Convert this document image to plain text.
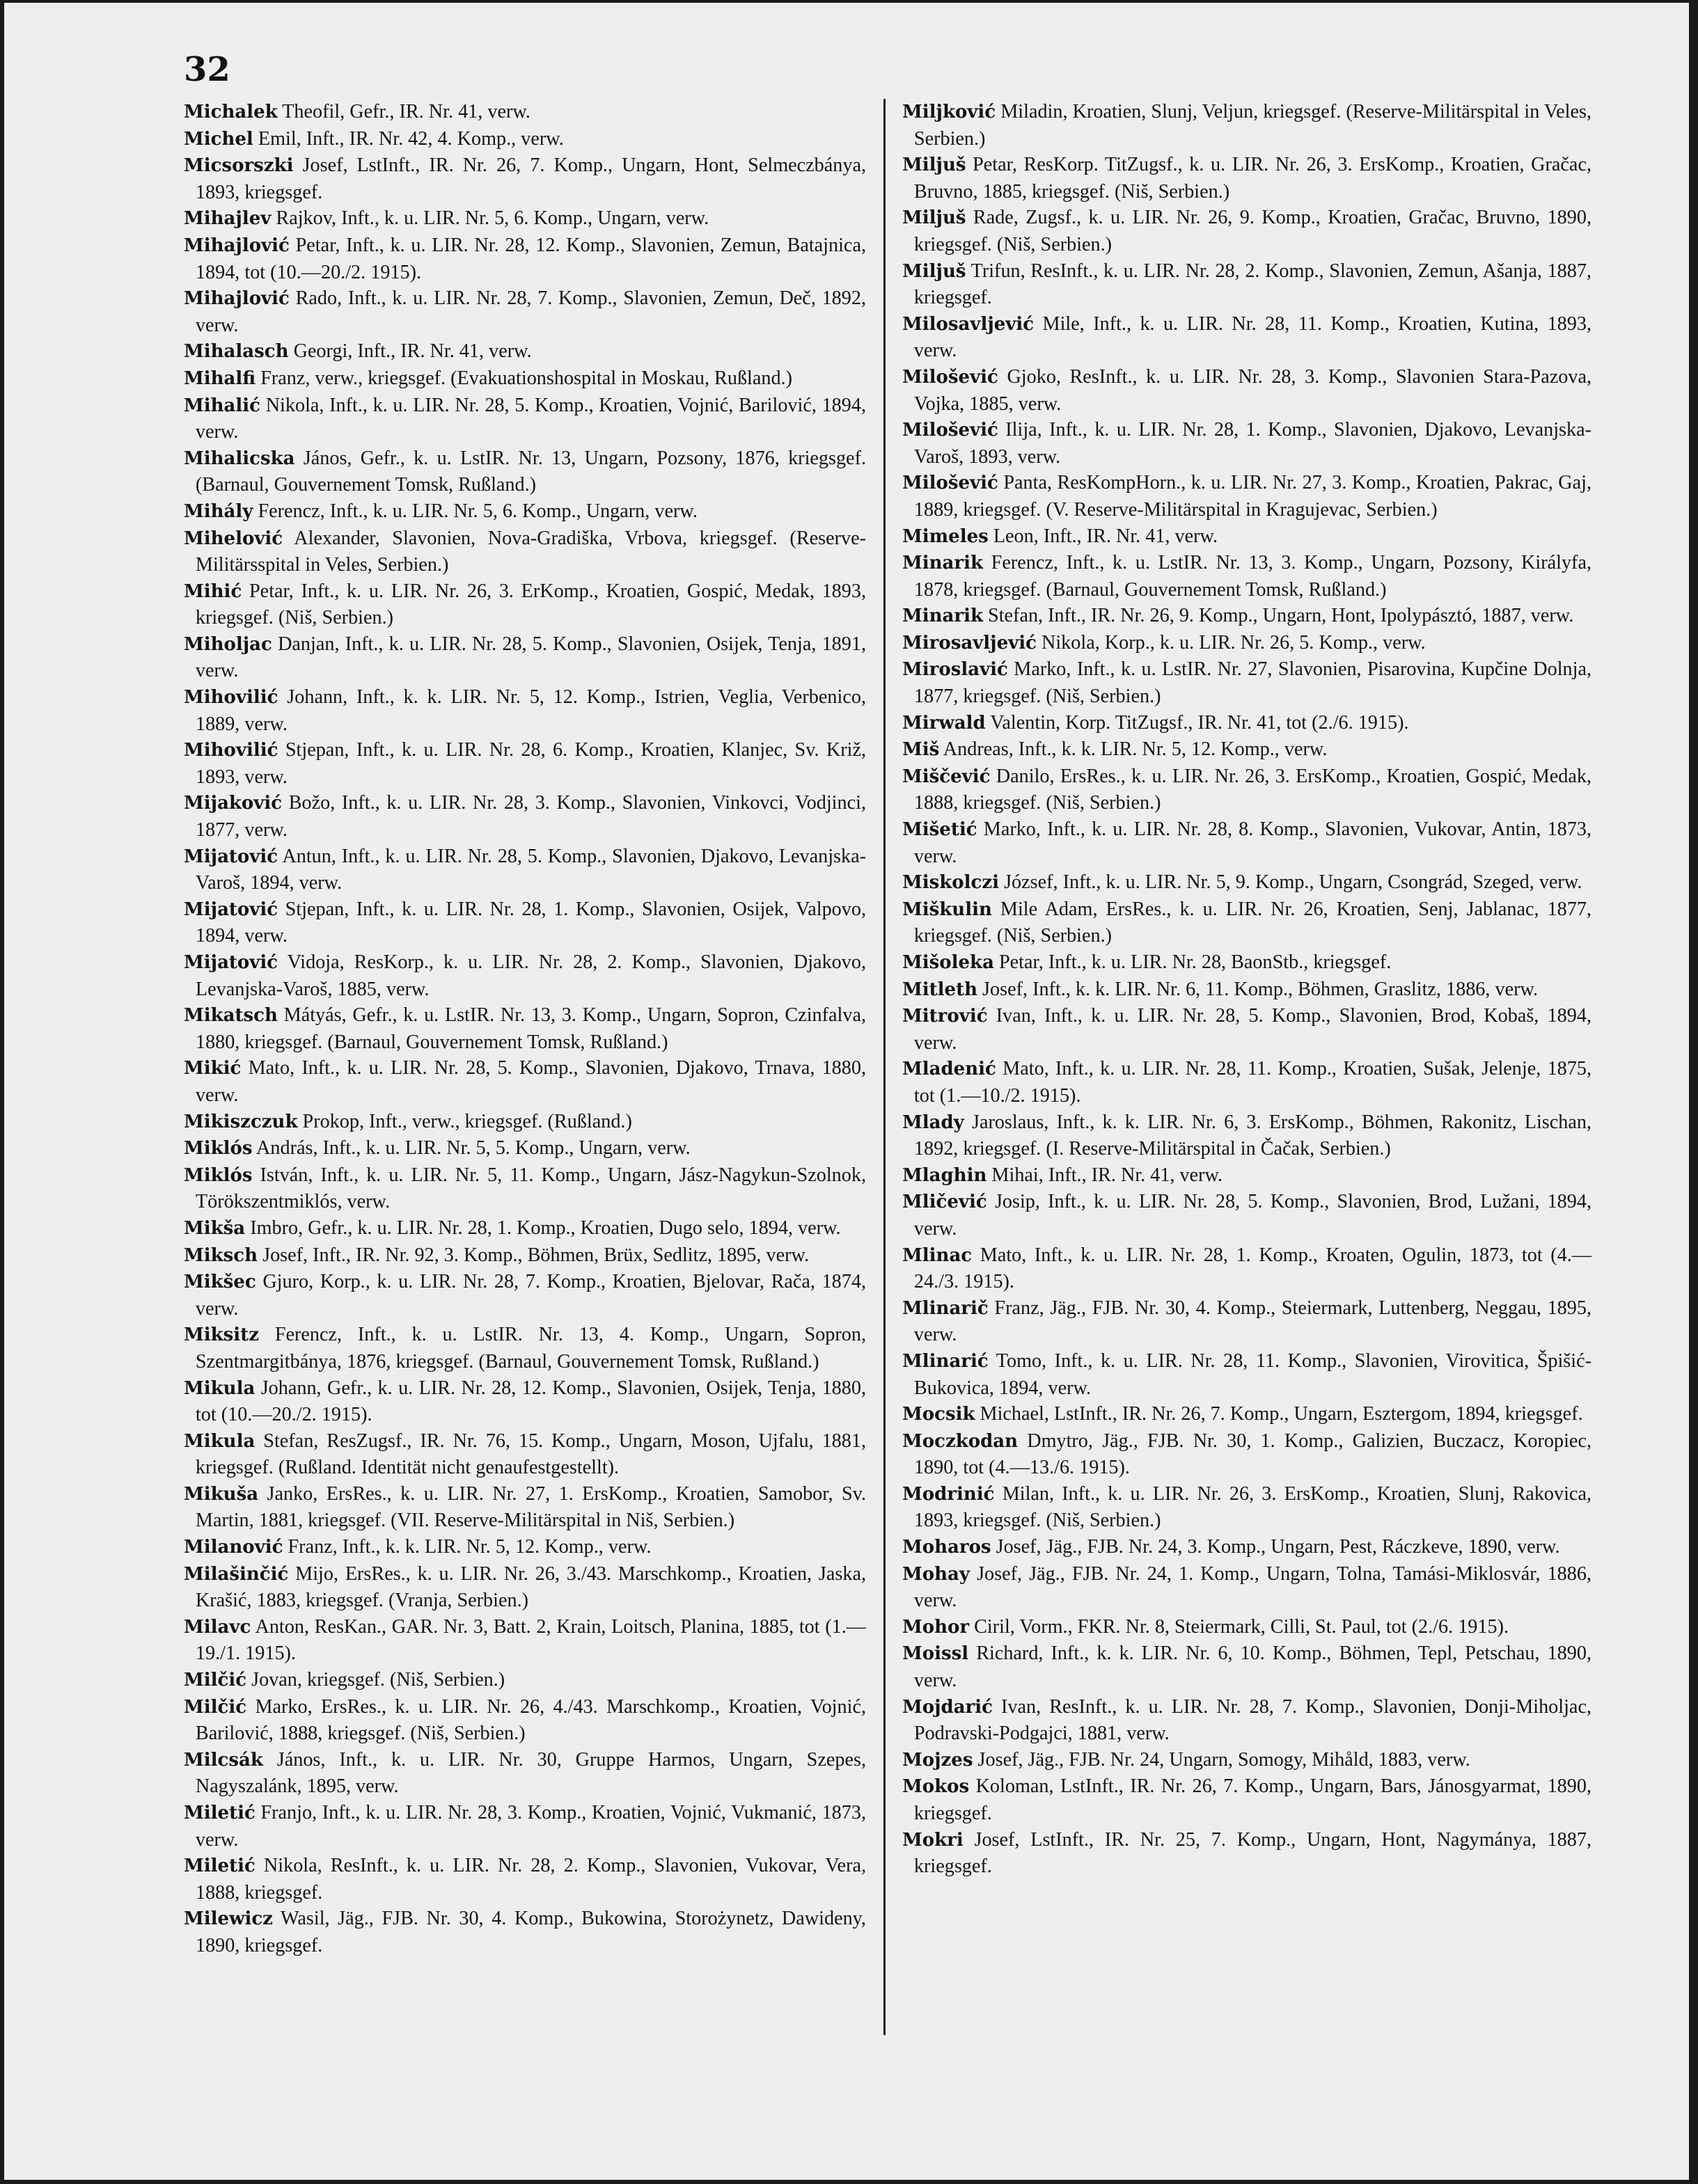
32
Michalek Theofil, Gefr., IR. Nr. 41, verw.
Michel Emil, Inft., IR. Nr. 42, 4. Komp., verw.
Micsorszki Josef, LstInft., IR. Nr. 26, 7. Komp., Ungarn, Hont, Selmeczbánya, 1893, kriegsgef.
Mihajlev Rajkov, Inft., k. u. LIR. Nr. 5, 6. Komp., Ungarn, verw.
Mihajlović Petar, Inft., k. u. LIR. Nr. 28, 12. Komp., Slavonien, Zemun, Batajnica, 1894, tot (10.—20./2. 1915).
Mihajlović Rado, Inft., k. u. LIR. Nr. 28, 7. Komp., Slavonien, Zemun, Deč, 1892, verw.
Mihalasch Georgi, Inft., IR. Nr. 41, verw.
Mihalfi Franz, verw., kriegsgef. (Evakuationshospital in Moskau, Rußland.)
Mihalić Nikola, Inft., k. u. LIR. Nr. 28, 5. Komp., Kroatien, Vojnić, Barilović, 1894, verw.
Mihalicska János, Gefr., k. u. LstIR. Nr. 13, Ungarn, Pozsony, 1876, kriegsgef. (Barnaul, Gouvernement Tomsk, Rußland.)
Mihály Ferencz, Inft., k. u. LIR. Nr. 5, 6. Komp., Ungarn, verw.
Mihelović Alexander, Slavonien, Nova-Gradiška, Vrbova, kriegsgef. (Reserve-Militärsspital in Veles, Serbien.)
Mihić Petar, Inft., k. u. LIR. Nr. 26, 3. ErKomp., Kroatien, Gospić, Medak, 1893, kriegsgef. (Niš, Serbien.)
Miholjac Danjan, Inft., k. u. LIR. Nr. 28, 5. Komp., Slavonien, Osijek, Tenja, 1891, verw.
Mihovilić Johann, Inft., k. k. LIR. Nr. 5, 12. Komp., Istrien, Veglia, Verbenico, 1889, verw.
Mihovilić Stjepan, Inft., k. u. LIR. Nr. 28, 6. Komp., Kroatien, Klanjec, Sv. Križ, 1893, verw.
Mijaković Božo, Inft., k. u. LIR. Nr. 28, 3. Komp., Slavonien, Vinkovci, Vodjinci, 1877, verw.
Mijatović Antun, Inft., k. u. LIR. Nr. 28, 5. Komp., Slavonien, Djakovo, Levanjska-Varoš, 1894, verw.
Mijatović Stjepan, Inft., k. u. LIR. Nr. 28, 1. Komp., Slavonien, Osijek, Valpovo, 1894, verw.
Mijatović Vidoja, ResKorp., k. u. LIR. Nr. 28, 2. Komp., Slavonien, Djakovo, Levanjska-Varoš, 1885, verw.
Mikatsch Mátyás, Gefr., k. u. LstIR. Nr. 13, 3. Komp., Ungarn, Sopron, Czinfalva, 1880, kriegsgef. (Barnaul, Gouvernement Tomsk, Rußland.)
Mikić Mato, Inft., k. u. LIR. Nr. 28, 5. Komp., Slavonien, Djakovo, Trnava, 1880, verw.
Mikiszczuk Prokop, Inft., verw., kriegsgef. (Rußland.)
Miklós András, Inft., k. u. LIR. Nr. 5, 5. Komp., Ungarn, verw.
Miklós István, Inft., k. u. LIR. Nr. 5, 11. Komp., Ungarn, Jász-Nagykun-Szolnok, Törökszentmiklós, verw.
Mikša Imbro, Gefr., k. u. LIR. Nr. 28, 1. Komp., Kroatien, Dugo selo, 1894, verw.
Miksch Josef, Inft., IR. Nr. 92, 3. Komp., Böhmen, Brüx, Sedlitz, 1895, verw.
Mikšec Gjuro, Korp., k. u. LIR. Nr. 28, 7. Komp., Kroatien, Bjelovar, Rača, 1874, verw.
Miksitz Ferencz, Inft., k. u. LstIR. Nr. 13, 4. Komp., Ungarn, Sopron, Szentmargitbánya, 1876, kriegsgef. (Barnaul, Gouvernement Tomsk, Rußland.)
Mikula Johann, Gefr., k. u. LIR. Nr. 28, 12. Komp., Slavonien, Osijek, Tenja, 1880, tot (10.—20./2. 1915).
Mikula Stefan, ResZugsf., IR. Nr. 76, 15. Komp., Ungarn, Moson, Ujfalu, 1881, kriegsgef. (Rußland. Identität nicht genaufestgestellt).
Mikuša Janko, ErsRes., k. u. LIR. Nr. 27, 1. ErsKomp., Kroatien, Samobor, Sv. Martin, 1881, kriegsgef. (VII. Reserve-Militärspital in Niš, Serbien.)
Milanović Franz, Inft., k. k. LIR. Nr. 5, 12. Komp., verw.
Milašinčić Mijo, ErsRes., k. u. LIR. Nr. 26, 3./43. Marschkomp., Kroatien, Jaska, Krašić, 1883, kriegsgef. (Vranja, Serbien.)
Milavc Anton, ResKan., GAR. Nr. 3, Batt. 2, Krain, Loitsch, Planina, 1885, tot (1.—19./1. 1915).
Milčić Jovan, kriegsgef. (Niš, Serbien.)
Milčić Marko, ErsRes., k. u. LIR. Nr. 26, 4./43. Marschkomp., Kroatien, Vojnić, Barilović, 1888, kriegsgef. (Niš, Serbien.)
Milcsák János, Inft., k. u. LIR. Nr. 30, Gruppe Harmos, Ungarn, Szepes, Nagyszalánk, 1895, verw.
Miletić Franjo, Inft., k. u. LIR. Nr. 28, 3. Komp., Kroatien, Vojnić, Vukmanić, 1873, verw.
Miletić Nikola, ResInft., k. u. LIR. Nr. 28, 2. Komp., Slavonien, Vukovar, Vera, 1888, kriegsgef.
Milewicz Wasil, Jäg., FJB. Nr. 30, 4. Komp., Bukowina, Storożynetz, Dawideny, 1890, kriegsgef.
Miljković Miladin, Kroatien, Slunj, Veljun, kriegsgef. (Reserve-Militärspital in Veles, Serbien.)
Miljuš Petar, ResKorp. TitZugsf., k. u. LIR. Nr. 26, 3. ErsKomp., Kroatien, Gračac, Bruvno, 1885, kriegsgef. (Niš, Serbien.)
Miljuš Rade, Zugsf., k. u. LIR. Nr. 26, 9. Komp., Kroatien, Gračac, Bruvno, 1890, kriegsgef. (Niš, Serbien.)
Miljuš Trifun, ResInft., k. u. LIR. Nr. 28, 2. Komp., Slavonien, Zemun, Ašanja, 1887, kriegsgef.
Milosavljević Mile, Inft., k. u. LIR. Nr. 28, 11. Komp., Kroatien, Kutina, 1893, verw.
Milošević Gjoko, ResInft., k. u. LIR. Nr. 28, 3. Komp., Slavonien Stara-Pazova, Vojka, 1885, verw.
Milošević Ilija, Inft., k. u. LIR. Nr. 28, 1. Komp., Slavonien, Djakovo, Levanjska-Varoš, 1893, verw.
Milošević Panta, ResKompHorn., k. u. LIR. Nr. 27, 3. Komp., Kroatien, Pakrac, Gaj, 1889, kriegsgef. (V. Reserve-Militärspital in Kragujevac, Serbien.)
Mimeles Leon, Inft., IR. Nr. 41, verw.
Minarik Ferencz, Inft., k. u. LstIR. Nr. 13, 3. Komp., Ungarn, Pozsony, Királyfa, 1878, kriegsgef. (Barnaul, Gouvernement Tomsk, Rußland.)
Minarik Stefan, Inft., IR. Nr. 26, 9. Komp., Ungarn, Hont, Ipolypásztó, 1887, verw.
Mirosavljević Nikola, Korp., k. u. LIR. Nr. 26, 5. Komp., verw.
Miroslavić Marko, Inft., k. u. LstIR. Nr. 27, Slavonien, Pisarovina, Kupčine Dolnja, 1877, kriegsgef. (Niš, Serbien.)
Mirwald Valentin, Korp. TitZugsf., IR. Nr. 41, tot (2./6. 1915).
Miš Andreas, Inft., k. k. LIR. Nr. 5, 12. Komp., verw.
Miščević Danilo, ErsRes., k. u. LIR. Nr. 26, 3. ErsKomp., Kroatien, Gospić, Medak, 1888, kriegsgef. (Niš, Serbien.)
Mišetić Marko, Inft., k. u. LIR. Nr. 28, 8. Komp., Slavonien, Vukovar, Antin, 1873, verw.
Miskolczi József, Inft., k. u. LIR. Nr. 5, 9. Komp., Ungarn, Csongrád, Szeged, verw.
Miškulin Mile Adam, ErsRes., k. u. LIR. Nr. 26, Kroatien, Senj, Jablanac, 1877, kriegsgef. (Niš, Serbien.)
Mišoleka Petar, Inft., k. u. LIR. Nr. 28, BaonStb., kriegsgef.
Mitleth Josef, Inft., k. k. LIR. Nr. 6, 11. Komp., Böhmen, Graslitz, 1886, verw.
Mitrović Ivan, Inft., k. u. LIR. Nr. 28, 5. Komp., Slavonien, Brod, Kobaš, 1894, verw.
Mladenić Mato, Inft., k. u. LIR. Nr. 28, 11. Komp., Kroatien, Sušak, Jelenje, 1875, tot (1.—10./2. 1915).
Mlady Jaroslaus, Inft., k. k. LIR. Nr. 6, 3. ErsKomp., Böhmen, Rakonitz, Lischan, 1892, kriegsgef. (I. Reserve-Militärspital in Čačak, Serbien.)
Mlaghin Mihai, Inft., IR. Nr. 41, verw.
Mličević Josip, Inft., k. u. LIR. Nr. 28, 5. Komp., Slavonien, Brod, Lužani, 1894, verw.
Mlinac Mato, Inft., k. u. LIR. Nr. 28, 1. Komp., Kroaten, Ogulin, 1873, tot (4.—24./3. 1915).
Mlinarič Franz, Jäg., FJB. Nr. 30, 4. Komp., Steiermark, Luttenberg, Neggau, 1895, verw.
Mlinarić Tomo, Inft., k. u. LIR. Nr. 28, 11. Komp., Slavonien, Virovitica, Špišić-Bukovica, 1894, verw.
Mocsik Michael, LstInft., IR. Nr. 26, 7. Komp., Ungarn, Esztergom, 1894, kriegsgef.
Moczkodan Dmytro, Jäg., FJB. Nr. 30, 1. Komp., Galizien, Buczacz, Koropiec, 1890, tot (4.—13./6. 1915).
Modrinić Milan, Inft., k. u. LIR. Nr. 26, 3. ErsKomp., Kroatien, Slunj, Rakovica, 1893, kriegsgef. (Niš, Serbien.)
Moharos Josef, Jäg., FJB. Nr. 24, 3. Komp., Ungarn, Pest, Ráczkeve, 1890, verw.
Mohay Josef, Jäg., FJB. Nr. 24, 1. Komp., Ungarn, Tolna, Tamási-Miklosvár, 1886, verw.
Mohor Ciril, Vorm., FKR. Nr. 8, Steiermark, Cilli, St. Paul, tot (2./6. 1915).
Moissl Richard, Inft., k. k. LIR. Nr. 6, 10. Komp., Böhmen, Tepl, Petschau, 1890, verw.
Mojdarić Ivan, ResInft., k. u. LIR. Nr. 28, 7. Komp., Slavonien, Donji-Miholjac, Podravski-Podgajci, 1881, verw.
Mojzes Josef, Jäg., FJB. Nr. 24, Ungarn, Somogy, Mihåld, 1883, verw.
Mokos Koloman, LstInft., IR. Nr. 26, 7. Komp., Ungarn, Bars, Jánosgyarmat, 1890, kriegsgef.
Mokri Josef, LstInft., IR. Nr. 25, 7. Komp., Ungarn, Hont, Nagymánya, 1887, kriegsgef.
